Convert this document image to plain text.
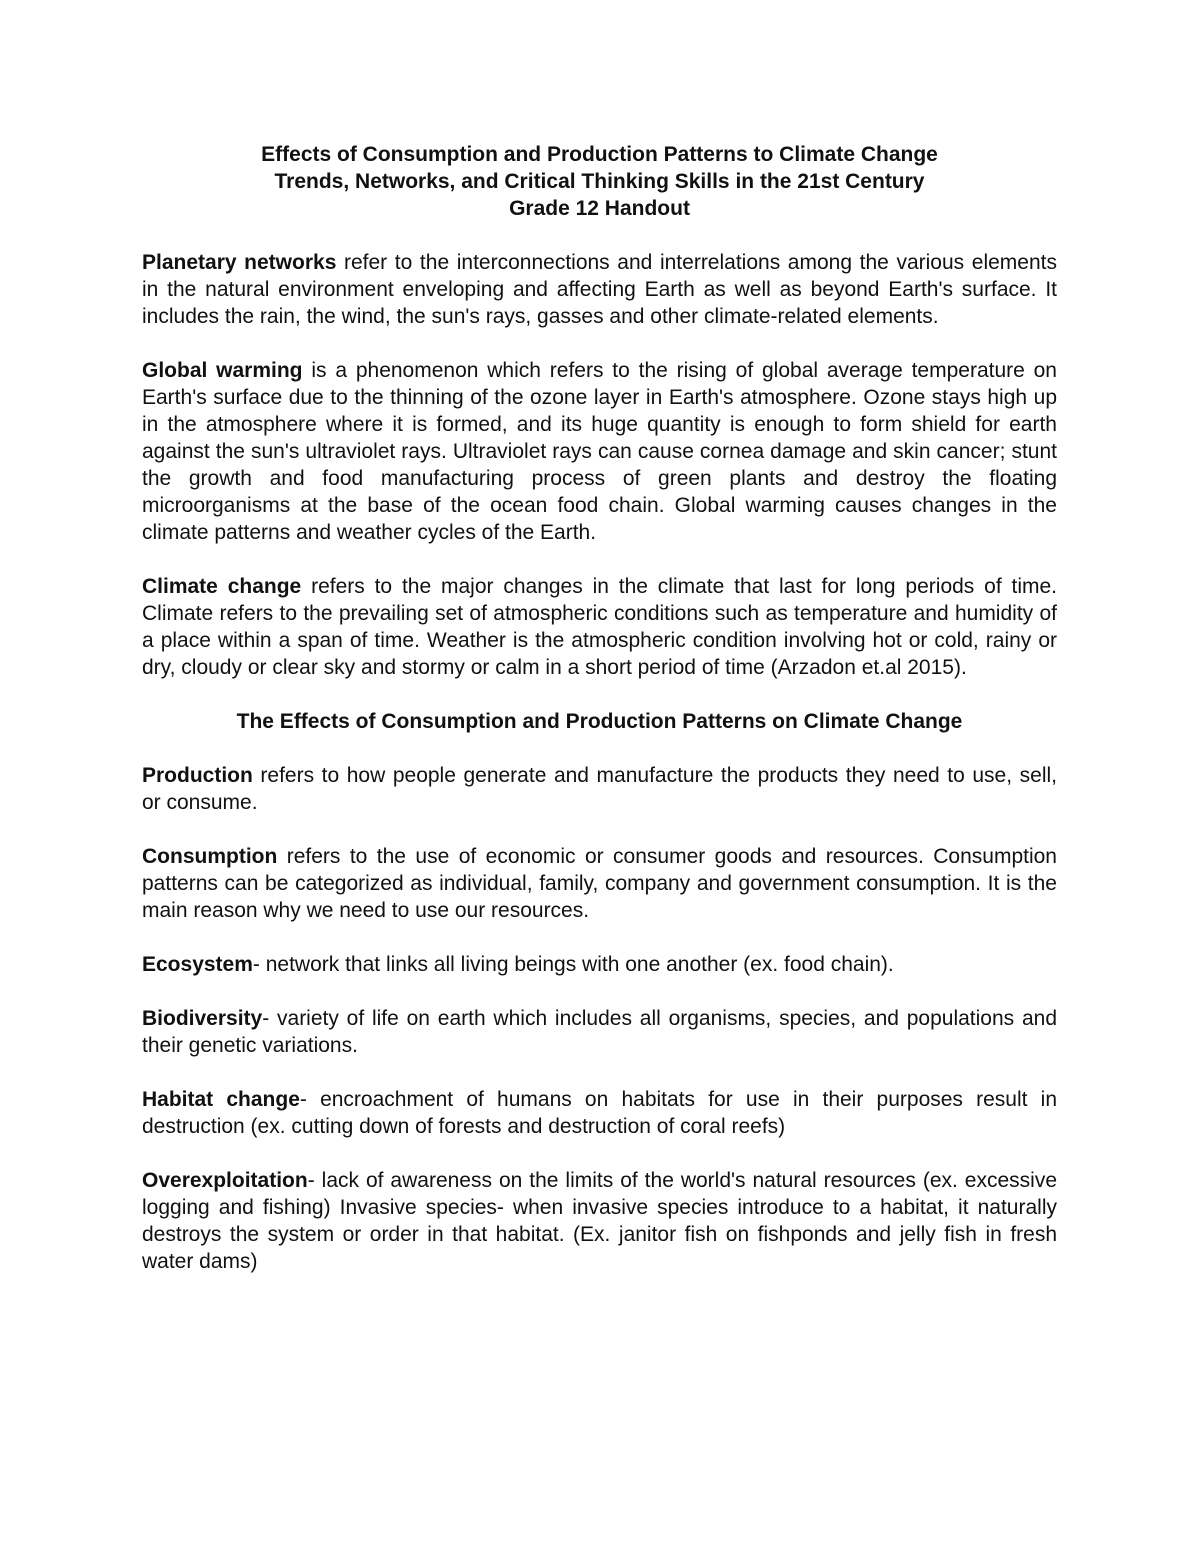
Effects of Consumption and Production Patterns to Climate Change
Trends, Networks, and Critical Thinking Skills in the 21st Century
Grade 12 Handout

Planetary networks refer to the interconnections and interrelations among the various elements in the natural environment enveloping and affecting Earth as well as beyond Earth's surface. It includes the rain, the wind, the sun's rays, gasses and other climate-related elements.

Global warming is a phenomenon which refers to the rising of global average temperature on Earth's surface due to the thinning of the ozone layer in Earth's atmosphere. Ozone stays high up in the atmosphere where it is formed, and its huge quantity is enough to form shield for earth against the sun's ultraviolet rays. Ultraviolet rays can cause cornea damage and skin cancer; stunt the growth and food manufacturing process of green plants and destroy the floating microorganisms at the base of the ocean food chain. Global warming causes changes in the climate patterns and weather cycles of the Earth.

Climate change refers to the major changes in the climate that last for long periods of time. Climate refers to the prevailing set of atmospheric conditions such as temperature and humidity of a place within a span of time. Weather is the atmospheric condition involving hot or cold, rainy or dry, cloudy or clear sky and stormy or calm in a short period of time (Arzadon et.al 2015).

The Effects of Consumption and Production Patterns on Climate Change

Production refers to how people generate and manufacture the products they need to use, sell, or consume.

Consumption refers to the use of economic or consumer goods and resources. Consumption patterns can be categorized as individual, family, company and government consumption. It is the main reason why we need to use our resources.

Ecosystem- network that links all living beings with one another (ex. food chain).

Biodiversity- variety of life on earth which includes all organisms, species, and populations and their genetic variations.

Habitat change- encroachment of humans on habitats for use in their purposes result in destruction (ex. cutting down of forests and destruction of coral reefs)

Overexploitation- lack of awareness on the limits of the world's natural resources (ex. excessive logging and fishing) Invasive species- when invasive species introduce to a habitat, it naturally destroys the system or order in that habitat. (Ex. janitor fish on fishponds and jelly fish in fresh water dams)
